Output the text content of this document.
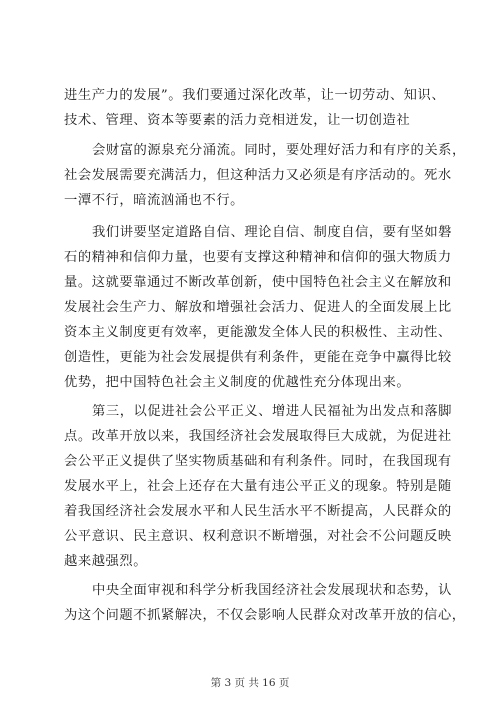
进生产力的发展”。我们要通过深化改革，让一切劳动、知识、
技术、管理、资本等要素的活力竞相迸发，让一切创造社
会财富的源泉充分涌流。同时，要处理好活力和有序的关系，
社会发展需要充满活力，但这种活力又必须是有序活动的。死水
一潭不行，暗流汹涌也不行。
我们讲要坚定道路自信、理论自信、制度自信，要有坚如磐
石的精神和信仰力量，也要有支撑这种精神和信仰的强大物质力
量。这就要靠通过不断改革创新，使中国特色社会主义在解放和
发展社会生产力、解放和增强社会活力、促进人的全面发展上比
资本主义制度更有效率，更能激发全体人民的积极性、主动性、
创造性，更能为社会发展提供有利条件，更能在竞争中赢得比较
优势，把中国特色社会主义制度的优越性充分体现出来。
第三，以促进社会公平正义、增进人民福祉为出发点和落脚
点。改革开放以来，我国经济社会发展取得巨大成就，为促进社
会公平正义提供了坚实物质基础和有利条件。同时，在我国现有
发展水平上，社会上还存在大量有违公平正义的现象。特别是随
着我国经济社会发展水平和人民生活水平不断提高，人民群众的
公平意识、民主意识、权利意识不断增强，对社会不公问题反映
越来越强烈。
中央全面审视和科学分析我国经济社会发展现状和态势，认
为这个问题不抓紧解决，不仅会影响人民群众对改革开放的信心，
第 3 页 共 16 页
